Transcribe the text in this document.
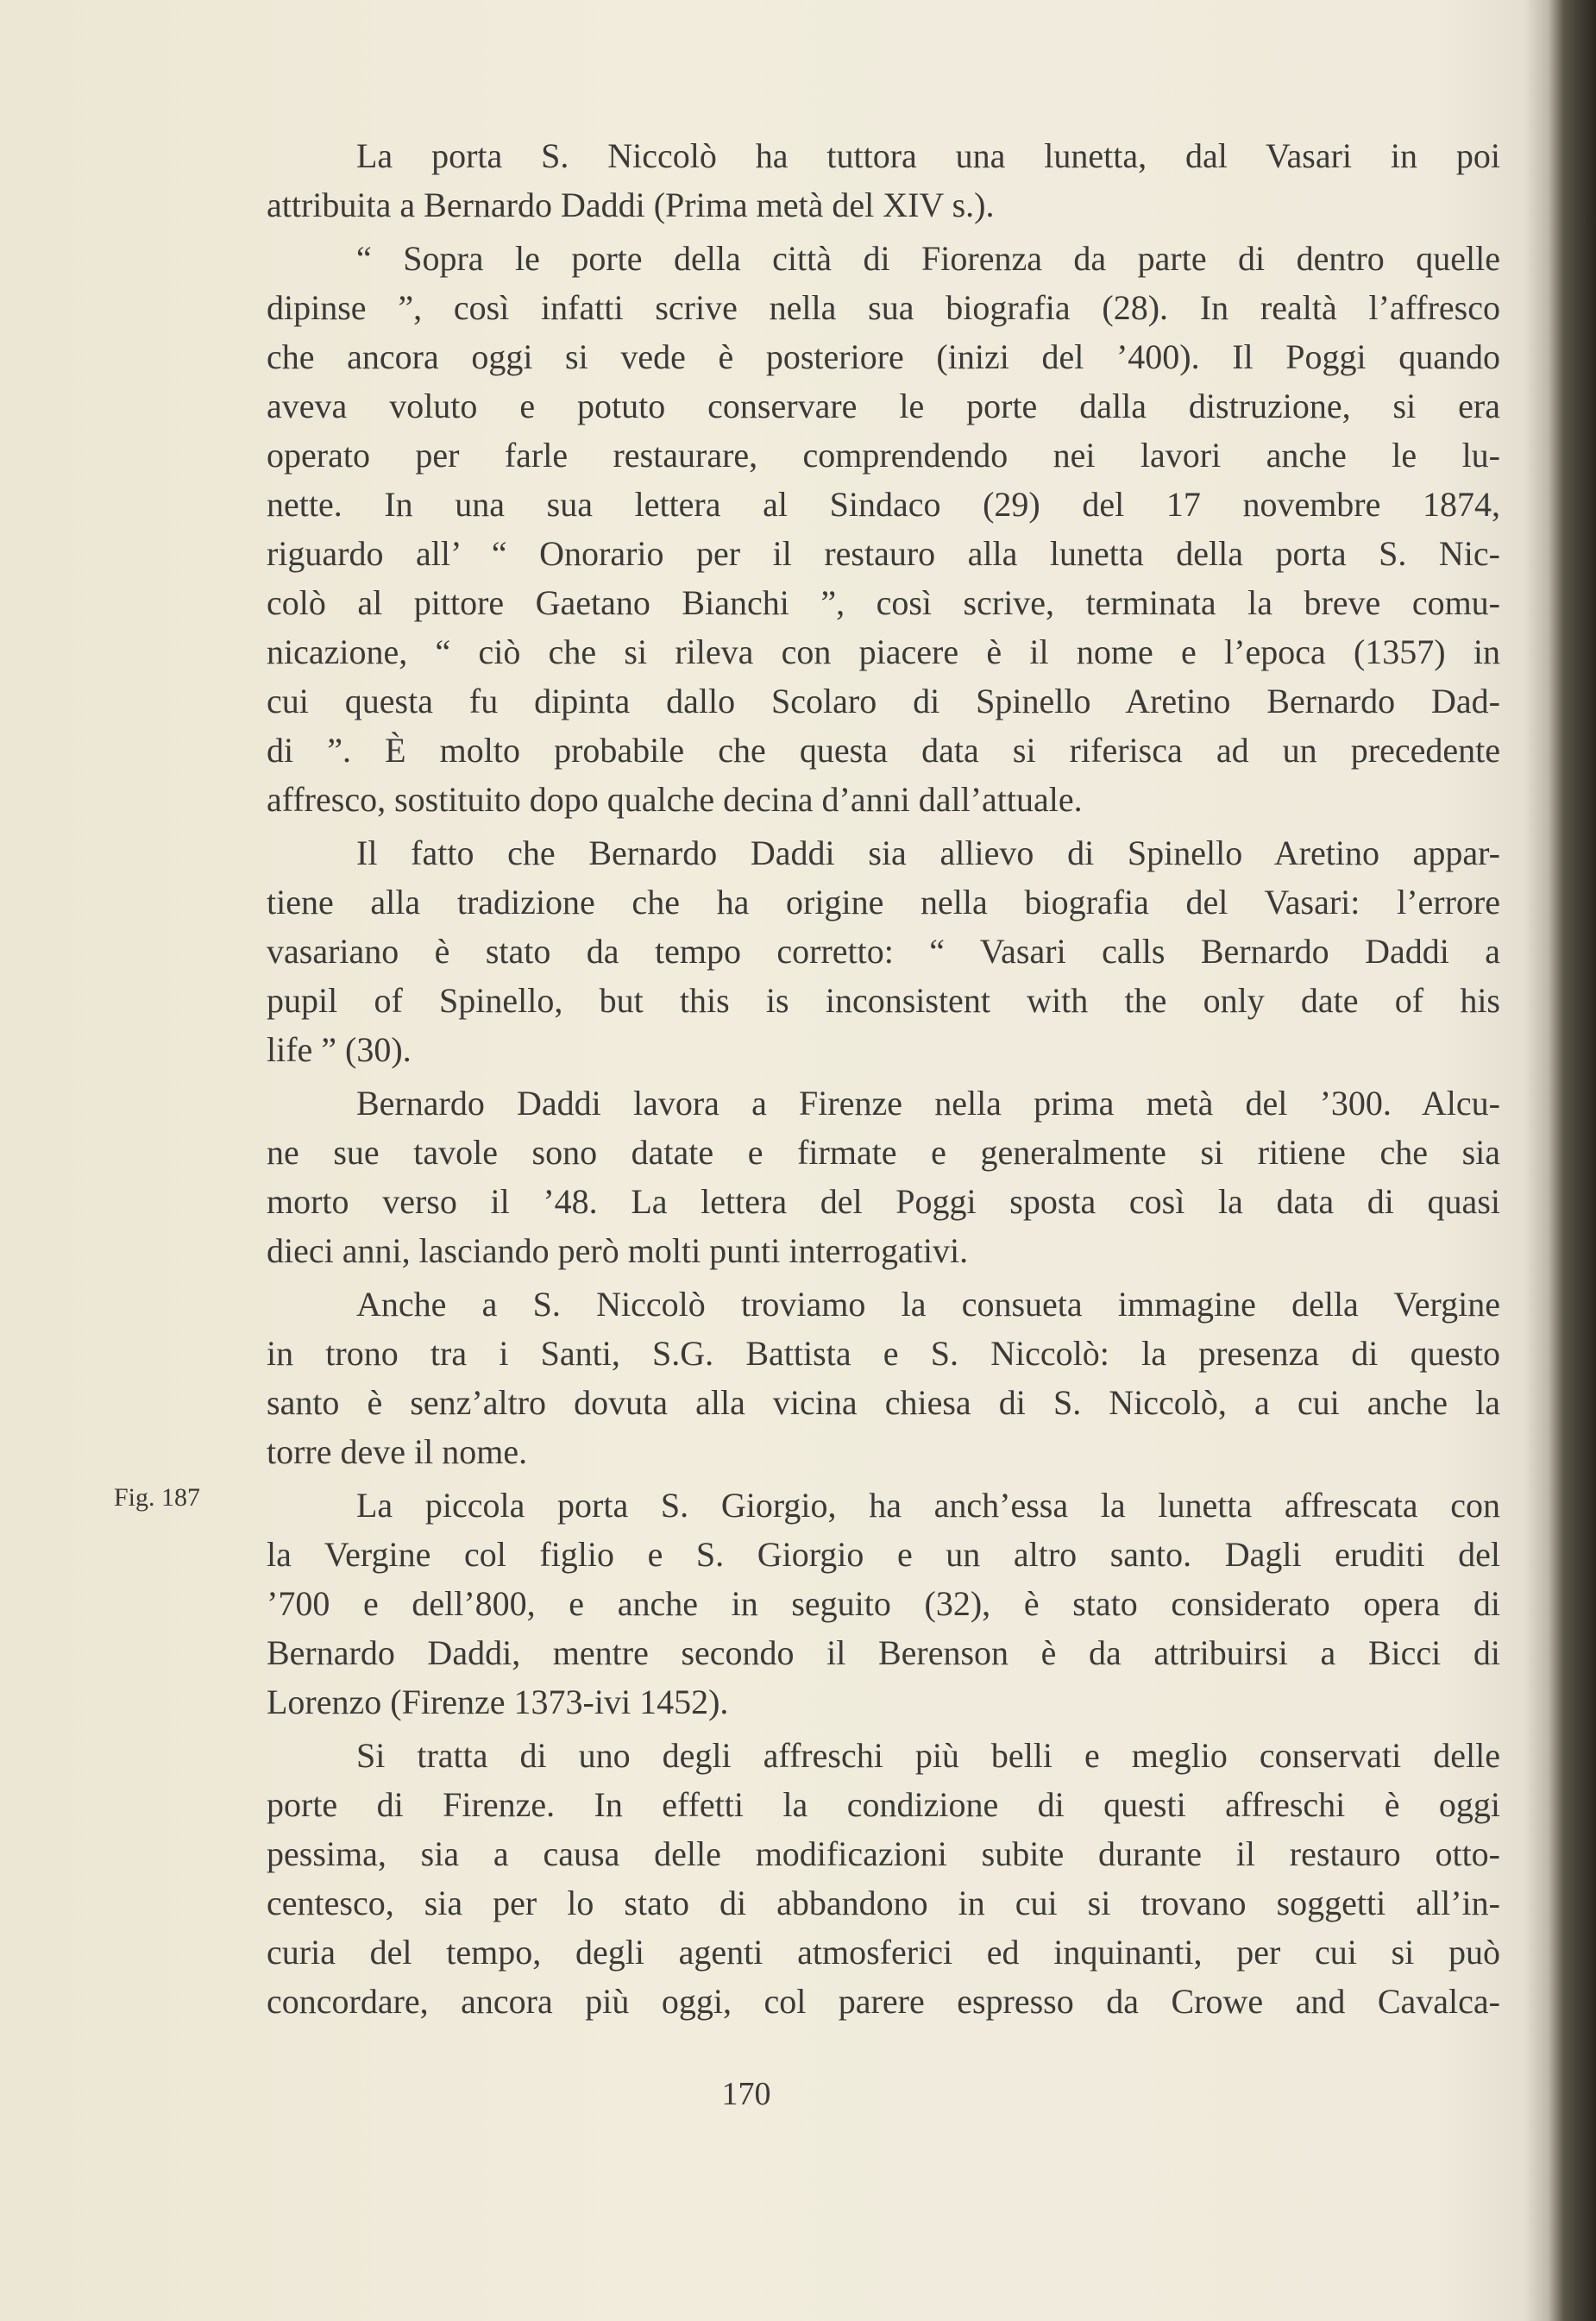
La porta S. Niccolò ha tuttora una lunetta, dal Vasari in poi
attribuita a Bernardo Daddi (Prima metà del XIV s.).
“ Sopra le porte della città di Fiorenza da parte di dentro quelle
dipinse ”, così infatti scrive nella sua biografia (28). In realtà l’affresco
che ancora oggi si vede è posteriore (inizi del ’400). Il Poggi quando
aveva voluto e potuto conservare le porte dalla distruzione, si era
operato per farle restaurare, comprendendo nei lavori anche le lu-
nette. In una sua lettera al Sindaco (29) del 17 novembre 1874,
riguardo all’ “ Onorario per il restauro alla lunetta della porta S. Nic-
colò al pittore Gaetano Bianchi ”, così scrive, terminata la breve comu-
nicazione, “ ciò che si rileva con piacere è il nome e l’epoca (1357) in
cui questa fu dipinta dallo Scolaro di Spinello Aretino Bernardo Dad-
di ”. È molto probabile che questa data si riferisca ad un precedente
affresco, sostituito dopo qualche decina d’anni dall’attuale.
Il fatto che Bernardo Daddi sia allievo di Spinello Aretino appar-
tiene alla tradizione che ha origine nella biografia del Vasari: l’errore
vasariano è stato da tempo corretto: “ Vasari calls Bernardo Daddi a
pupil of Spinello, but this is inconsistent with the only date of his
life ” (30).
Bernardo Daddi lavora a Firenze nella prima metà del ’300. Alcu-
ne sue tavole sono datate e firmate e generalmente si ritiene che sia
morto verso il ’48. La lettera del Poggi sposta così la data di quasi
dieci anni, lasciando però molti punti interrogativi.
Anche a S. Niccolò troviamo la consueta immagine della Vergine
in trono tra i Santi, S.G. Battista e S. Niccolò: la presenza di questo
santo è senz’altro dovuta alla vicina chiesa di S. Niccolò, a cui anche la
torre deve il nome.
La piccola porta S. Giorgio, ha anch’essa la lunetta affrescata con
la Vergine col figlio e S. Giorgio e un altro santo. Dagli eruditi del
’700 e dell’800, e anche in seguito (32), è stato considerato opera di
Bernardo Daddi, mentre secondo il Berenson è da attribuirsi a Bicci di
Lorenzo (Firenze 1373-ivi 1452).
Si tratta di uno degli affreschi più belli e meglio conservati delle
porte di Firenze. In effetti la condizione di questi affreschi è oggi
pessima, sia a causa delle modificazioni subite durante il restauro otto-
centesco, sia per lo stato di abbandono in cui si trovano soggetti all’in-
curia del tempo, degli agenti atmosferici ed inquinanti, per cui si può
concordare, ancora più oggi, col parere espresso da Crowe and Cavalca-
Fig. 187
170
